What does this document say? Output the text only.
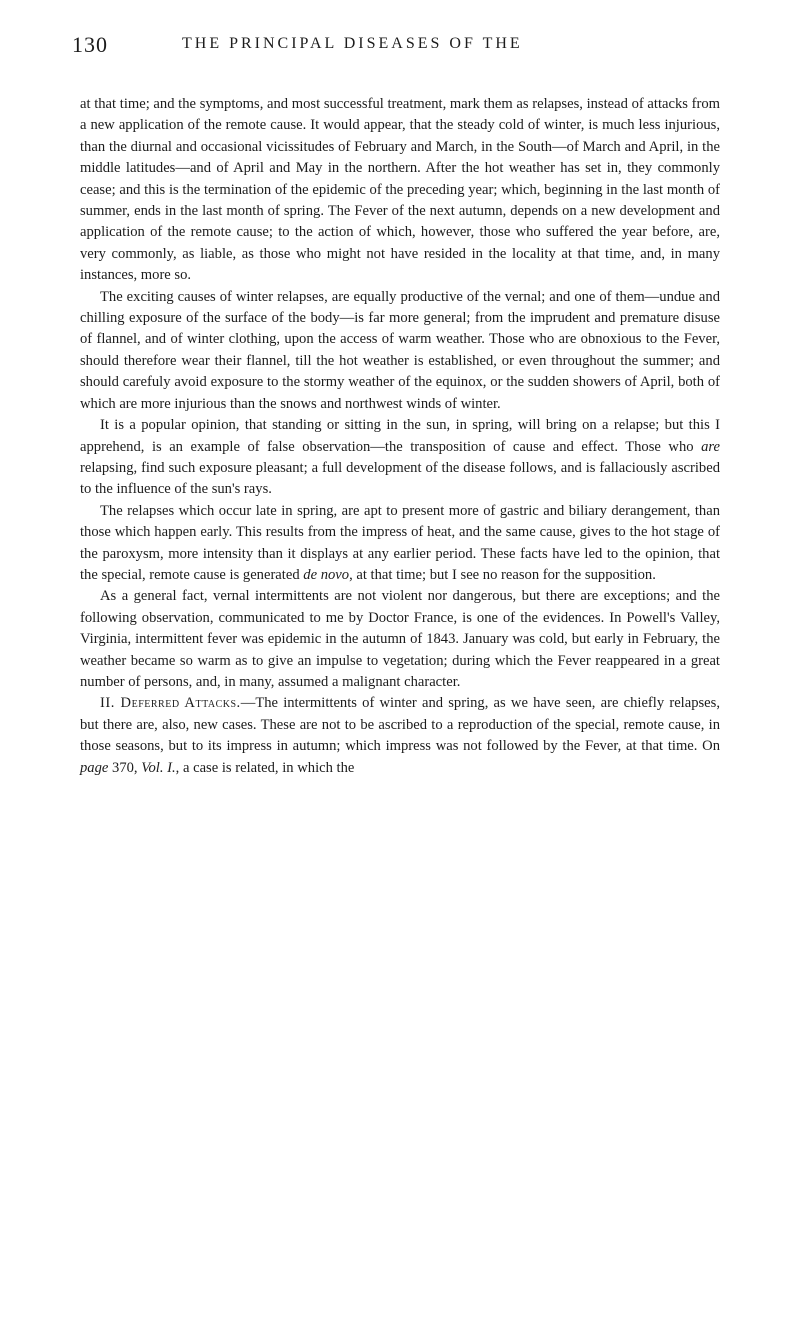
130	THE PRINCIPAL DISEASES OF THE

at that time; and the symptoms, and most successful treatment, mark them as relapses, instead of attacks from a new application of the remote cause. It would appear, that the steady cold of winter, is much less injurious, than the diurnal and occasional vicissitudes of February and March, in the South—of March and April, in the middle latitudes—and of April and May in the northern. After the hot weather has set in, they commonly cease; and this is the termination of the epidemic of the preceding year; which, beginning in the last month of summer, ends in the last month of spring. The Fever of the next autumn, depends on a new development and application of the remote cause; to the action of which, however, those who suffered the year before, are, very commonly, as liable, as those who might not have resided in the locality at that time, and, in many instances, more so.

The exciting causes of winter relapses, are equally productive of the vernal; and one of them—undue and chilling exposure of the surface of the body—is far more general; from the imprudent and premature disuse of flannel, and of winter clothing, upon the access of warm weather. Those who are obnoxious to the Fever, should therefore wear their flannel, till the hot weather is established, or even throughout the summer; and should carefuly avoid exposure to the stormy weather of the equinox, or the sudden showers of April, both of which are more injurious than the snows and northwest winds of winter.

It is a popular opinion, that standing or sitting in the sun, in spring, will bring on a relapse; but this I apprehend, is an example of false observation—the transposition of cause and effect. Those who are relapsing, find such exposure pleasant; a full development of the disease follows, and is fallaciously ascribed to the influence of the sun's rays.

The relapses which occur late in spring, are apt to present more of gastric and biliary derangement, than those which happen early. This results from the impress of heat, and the same cause, gives to the hot stage of the paroxysm, more intensity than it displays at any earlier period. These facts have led to the opinion, that the special, remote cause is generated de novo, at that time; but I see no reason for the supposition.

As a general fact, vernal intermittents are not violent nor dangerous, but there are exceptions; and the following observation, communicated to me by Doctor France, is one of the evidences. In Powell's Valley, Virginia, intermittent fever was epidemic in the autumn of 1843. January was cold, but early in February, the weather became so warm as to give an impulse to vegetation; during which the Fever reappeared in a great number of persons, and, in many, assumed a malignant character.

II. Deferred Attacks.—The intermittents of winter and spring, as we have seen, are chiefly relapses, but there are, also, new cases. These are not to be ascribed to a reproduction of the special, remote cause, in those seasons, but to its impress in autumn; which impress was not followed by the Fever, at that time. On page 370, Vol. I., a case is related, in which the
